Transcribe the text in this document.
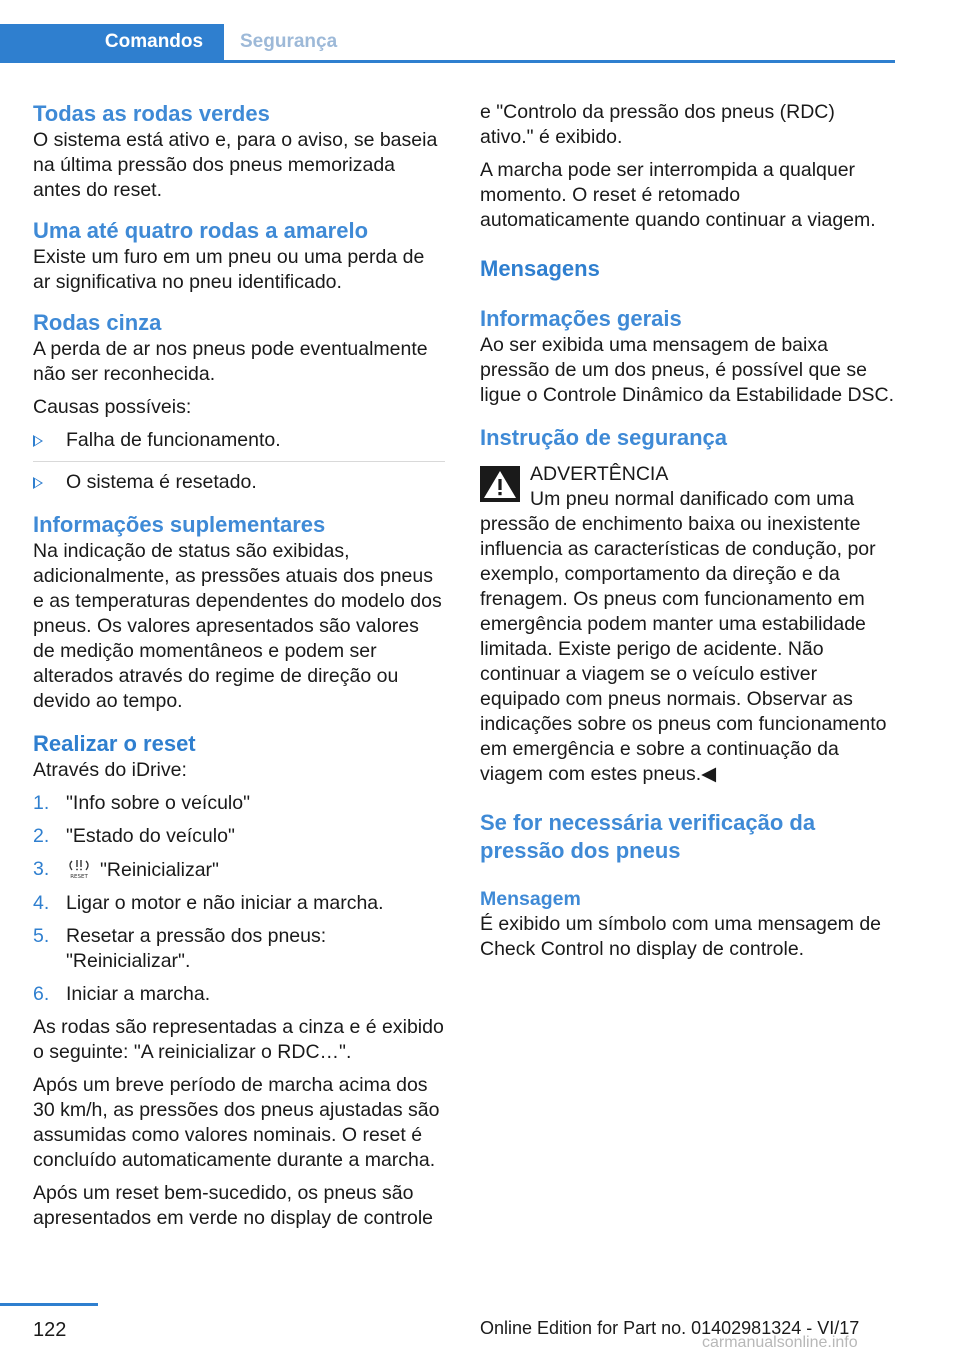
Comandos Segurança
Todas as rodas verdes

O sistema está ativo e, para o aviso, se baseia na última pressão dos pneus memorizada antes do reset.

Uma até quatro rodas a amarelo

Existe um furo em um pneu ou uma perda de ar significativa no pneu identificado.

Rodas cinza

A perda de ar nos pneus pode eventualmente não ser reconhecida.

Causas possíveis:

Falha de funcionamento.
O sistema é resetado.
Informações suplementares

Na indicação de status são exibidas, adicionalmente, as pressões atuais dos pneus e as temperaturas dependentes do modelo dos pneus. Os valores apresentados são valores de medição momentâneos e podem ser alterados através do regime de direção ou devido ao tempo.

Realizar o reset

Através do iDrive:

1. "Info sobre o veículo"
2. "Estado do veículo"
3.	RESET "Reinicializar"
4. Ligar o motor e não iniciar a marcha.
5. Resetar a pressão dos pneus: "Reinicializar".
6. Iniciar a marcha.

As rodas são representadas a cinza e é exibido o seguinte: "A reinicializar o RDC…".

Após um breve período de marcha acima dos 30 km/h, as pressões dos pneus ajustadas são assumidas como valores nominais. O reset é concluído automaticamente durante a marcha.

Após um reset bem-sucedido, os pneus são apresentados em verde no display de controle

e "Controlo da pressão dos pneus (RDC) ativo." é exibido.

A marcha pode ser interrompida a qualquer momento. O reset é retomado automaticamente quando continuar a viagem.

Mensagens
Informações gerais

Ao ser exibida uma mensagem de baixa pressão de um dos pneus, é possível que se ligue o Controle Dinâmico da Estabilidade DSC.

Instrução de segurança

ADVERTÊNCIA

Um pneu normal danificado com uma pressão de enchimento baixa ou inexistente influencia as características de condução, por exemplo, comportamento da direção e da frenagem. Os pneus com funcionamento em emergência podem manter uma estabilidade limitada. Existe perigo de acidente. Não continuar a viagem se o veículo estiver equipado com pneus normais. Observar as indicações sobre os pneus com funcionamento em emergência e sobre a continuação da viagem com estes pneus.◀

Se for necessária verificação da pressão dos pneus
Mensagem

É exibido um símbolo com uma mensagem de Check Control no display de controle.

122	Online Edition for Part no. 01402981324 - VI/17
carmanualsonline.info
